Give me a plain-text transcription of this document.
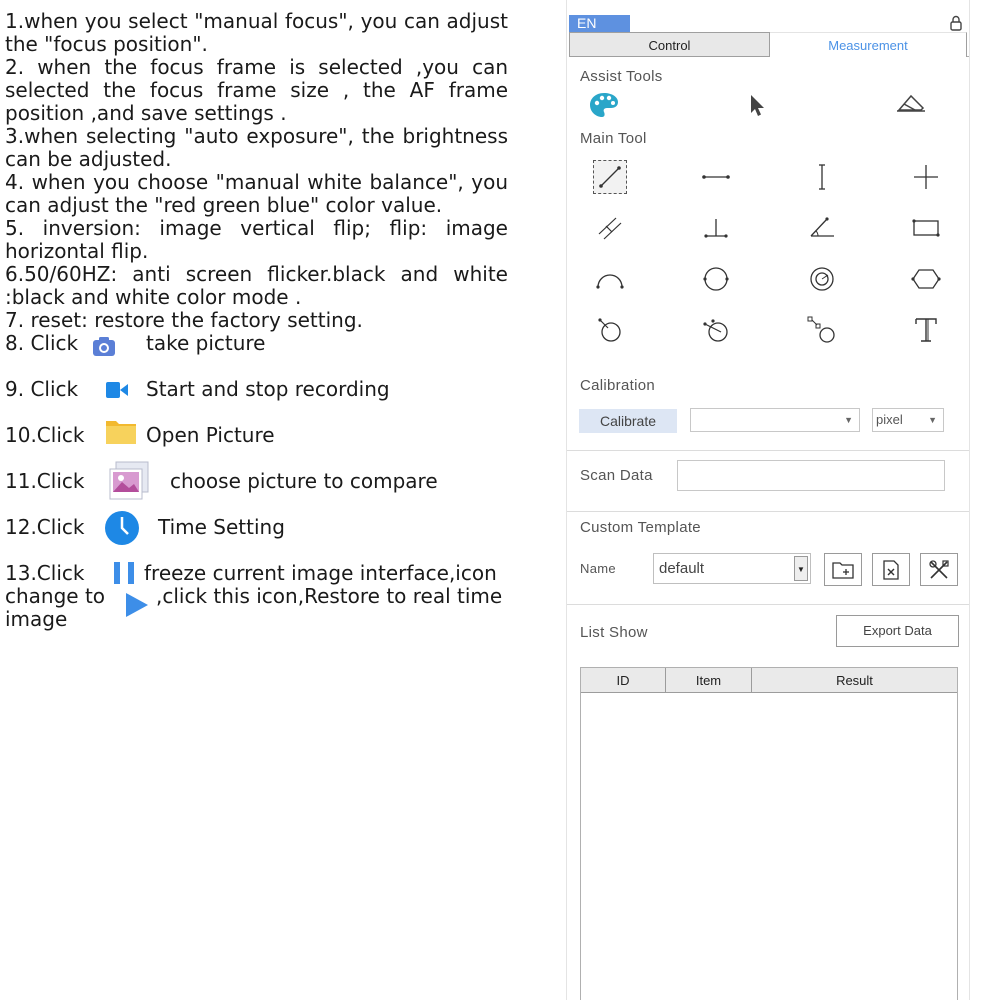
1.when you select "manual focus", you can adjust the "focus position".
2. when the focus frame is selected ,you can selected the focus frame size , the AF frame position ,and save settings .
3.when selecting "auto exposure", the brightness can be adjusted.
4. when you choose "manual white balance", you can adjust the "red green blue" color value.
5. inversion: image vertical flip; flip: image horizontal flip.
6.50/60HZ: anti screen flicker.black and white :black and white color mode .
7. reset: restore the factory setting.
8. Click	take picture
9. Click	Start and stop recording
10.Click	Open Picture
11.Click	choose picture to compare
12.Click	Time Setting
13.Click	freeze current image interface,icon
change to	,click this icon,Restore to real time
image
EN
Control	Measurement
Assist Tools
Main Tool
Calibration
Calibrate	▼	pixel	▼
Scan Data
Custom Template
Name	default	▼
List Show	Export Data
ID	Item	Result
